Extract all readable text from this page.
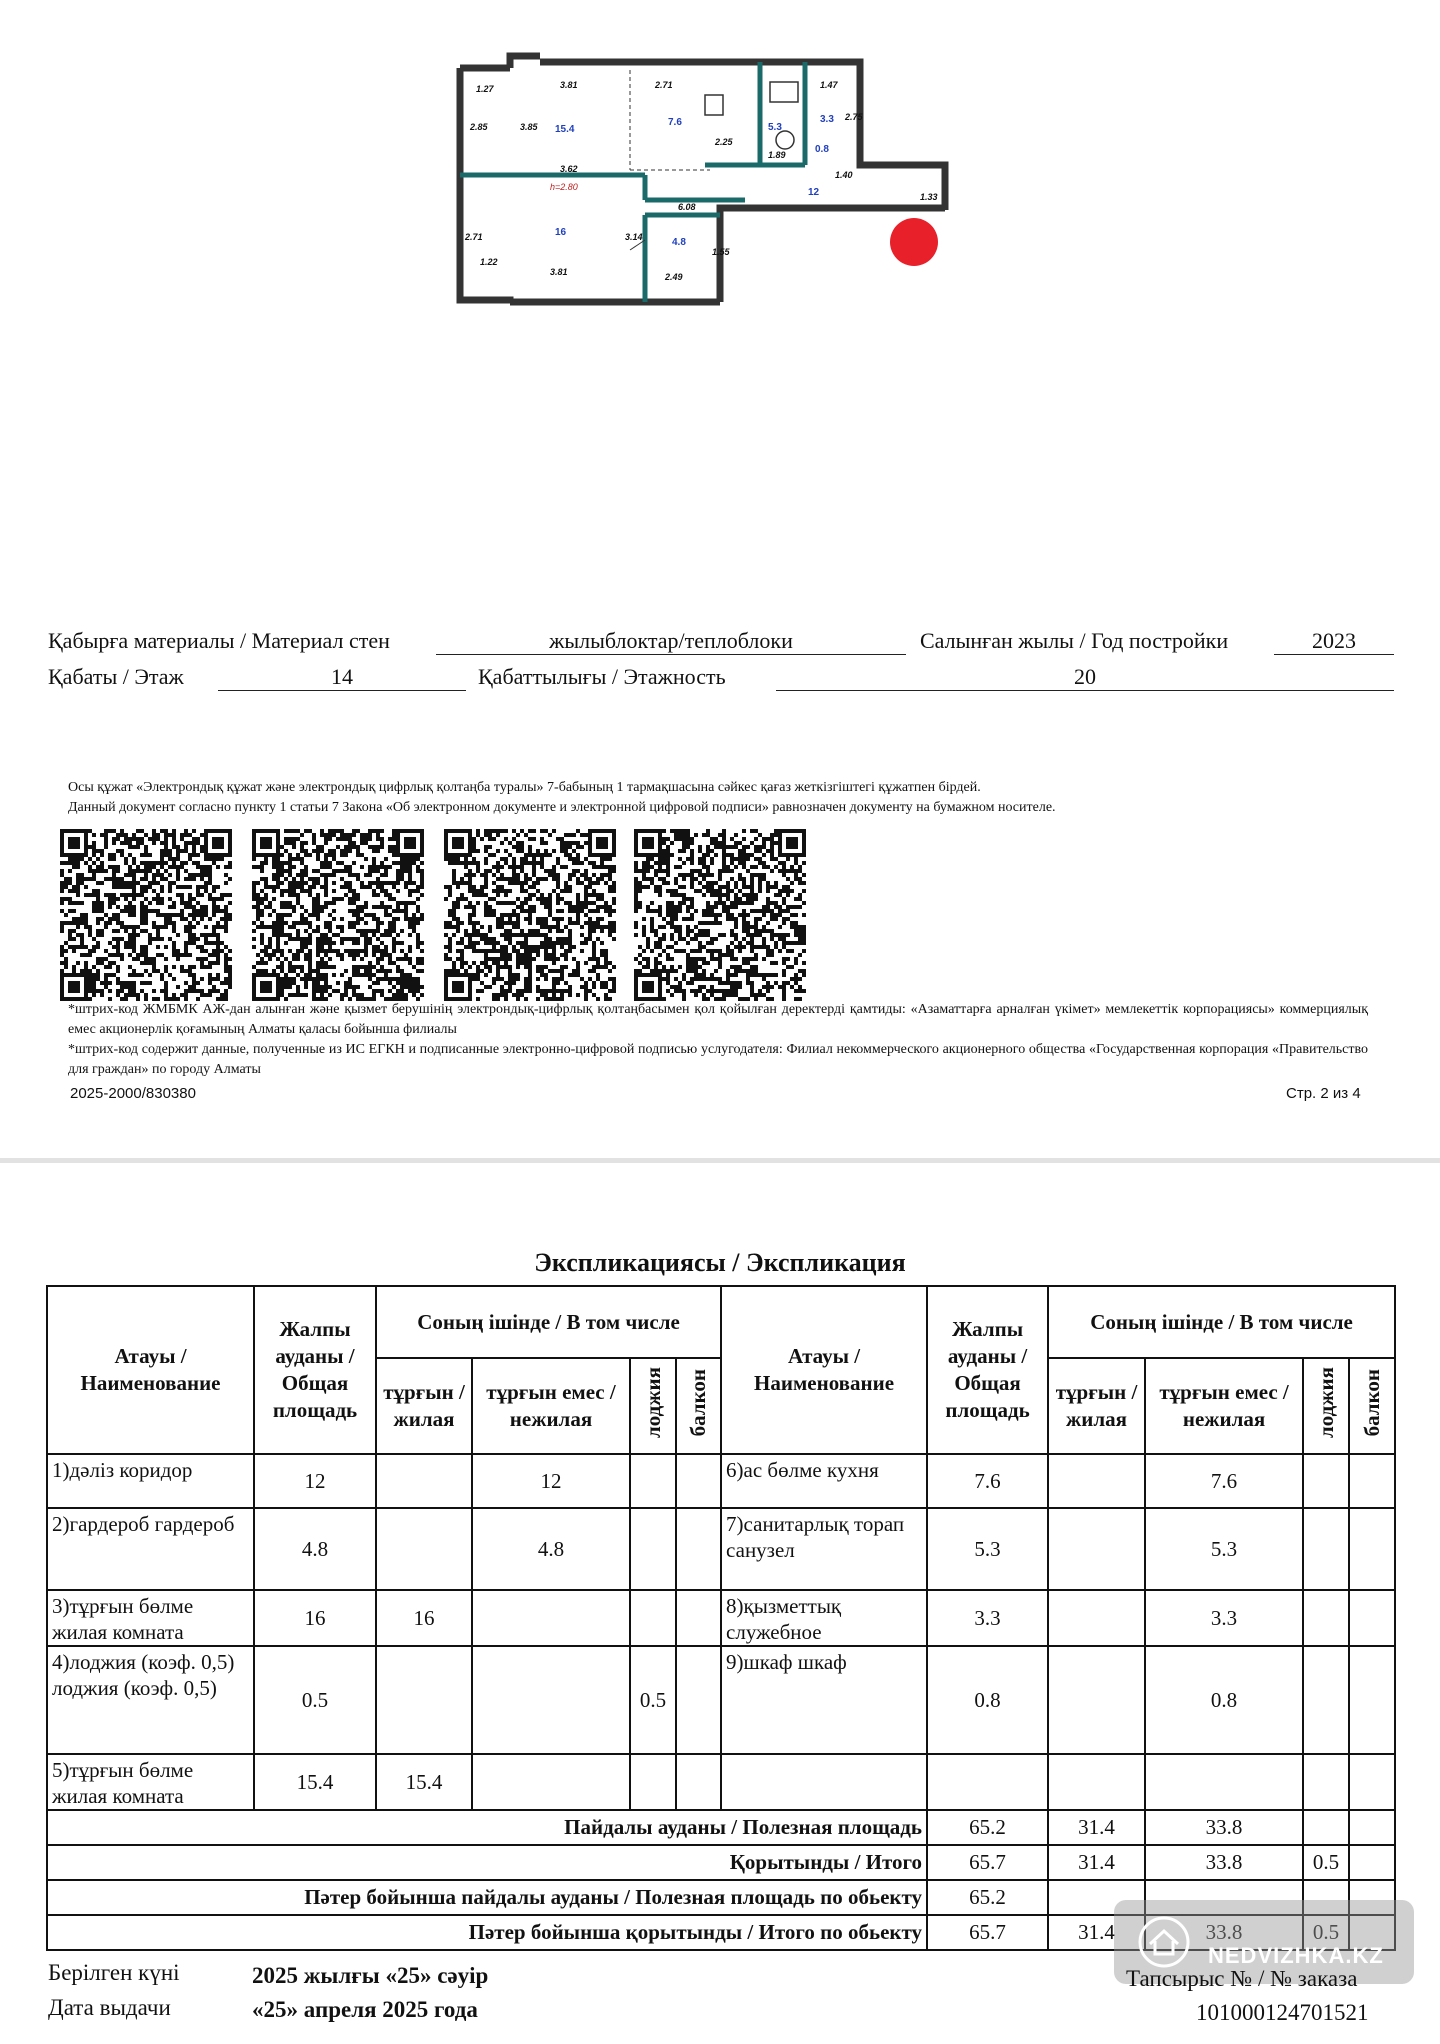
1.27	3.81	2.71	1.47
2.85	3.85
2.25
2.75
3.62
1.89
1.40
6.08
2.71
1.22
3.14
3.81	2.49
1.55
1.33
15.4
7.6	5.3
3.3
16
4.8
12
0.8
h=2.80
Қабырға материалы / Материал стен	жылыблоктар/теплоблоки	Салынған жылы / Год постройки	2023
Қабаты / Этаж	14	Қабаттылығы / Этажность	20
Осы құжат «Электрондық құжат және электрондық цифрлық қолтаңба туралы» 7-бабының 1 тармақшасына сәйкес қағаз жеткізгіштегі құжатпен бірдей.
Данный документ согласно пункту 1 статьи 7 Закона «Об электронном документе и электронной цифровой подписи» равнозначен документу на бумажном носителе.
*штрих-код ЖМБМК АЖ-дан алынған және қызмет берушінің электрондық-цифрлық қолтаңбасымен қол қойылған деректерді қамтиды: «Азаматтарға арналған үкімет» мемлекеттік корпорациясы» коммерциялық емес акционерлік қоғамының Алматы қаласы бойынша филиалы
*штрих-код содержит данные, полученные из ИС ЕГКН и подписанные электронно-цифровой подписью услугодателя: Филиал некоммерческого акционерного общества «Государственная корпорация «Правительство для граждан» по городу Алматы
2025-2000/830380	Стр. 2 из 4
Экспликациясы / Экспликация
Атауы / Наименование	Жалпы ауданы / Общая площадь	Соның ішінде / В том числе				Атауы / Наименование	Жалпы ауданы / Общая площадь	Соның ішінде / В том числе			
		тұрғын / жилая	тұрғын емес / нежилая	лоджия	балкон			тұрғын / жилая	тұрғын емес / нежилая	лоджия	балкон
1)дәліз коридор	12		12			6)ас бөлме кухня	7.6		7.6		
2)гардероб гардероб	4.8		4.8			7)санитарлық торап санузел	5.3		5.3		
3)тұрғын бөлме жилая комната	16	16				8)қызметтық служебное	3.3		3.3		
4)лоджия (коэф. 0,5) лоджия (коэф. 0,5)	0.5			0.5		9)шкаф шкаф	0.8		0.8		
5)тұрғын бөлме жилая комната	15.4	15.4									
Пайдалы ауданы / Полезная площадь							65.2	31.4	33.8		
Қорытынды / Итого							65.7	31.4	33.8	0.5	
Пәтер бойынша пайдалы ауданы / Полезная площадь по обьекту							65.2				
Пәтер бойынша қорытынды / Итого по обьекту							65.7	31.4	33.8	0.5	
Берілген күні
Дата выдачи
2025 жылғы «25» сәуір
«25» апреля 2025 года
NEDVIZHKA.KZ
Тапсырыс № / № заказа
101000124701521
